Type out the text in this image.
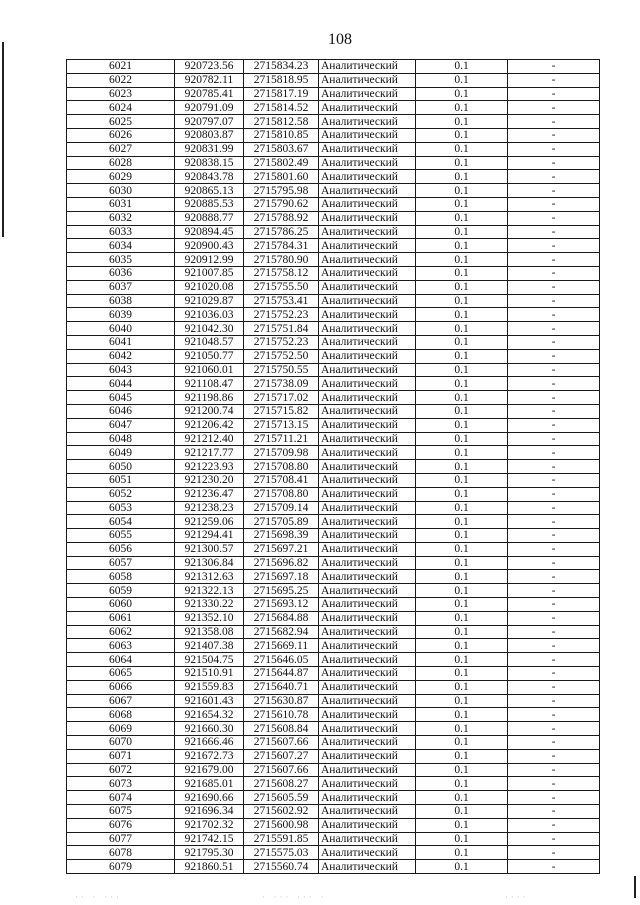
108
6021	920723.56	2715834.23	Аналитический	0.1	-
6022	920782.11	2715818.95	Аналитический	0.1	-
6023	920785.41	2715817.19	Аналитический	0.1	-
6024	920791.09	2715814.52	Аналитический	0.1	-
6025	920797.07	2715812.58	Аналитический	0.1	-
6026	920803.87	2715810.85	Аналитический	0.1	-
6027	920831.99	2715803.67	Аналитический	0.1	-
6028	920838.15	2715802.49	Аналитический	0.1	-
6029	920843.78	2715801.60	Аналитический	0.1	-
6030	920865.13	2715795.98	Аналитический	0.1	-
6031	920885.53	2715790.62	Аналитический	0.1	-
6032	920888.77	2715788.92	Аналитический	0.1	-
6033	920894.45	2715786.25	Аналитический	0.1	-
6034	920900.43	2715784.31	Аналитический	0.1	-
6035	920912.99	2715780.90	Аналитический	0.1	-
6036	921007.85	2715758.12	Аналитический	0.1	-
6037	921020.08	2715755.50	Аналитический	0.1	-
6038	921029.87	2715753.41	Аналитический	0.1	-
6039	921036.03	2715752.23	Аналитический	0.1	-
6040	921042.30	2715751.84	Аналитический	0.1	-
6041	921048.57	2715752.23	Аналитический	0.1	-
6042	921050.77	2715752.50	Аналитический	0.1	-
6043	921060.01	2715750.55	Аналитический	0.1	-
6044	921108.47	2715738.09	Аналитический	0.1	-
6045	921198.86	2715717.02	Аналитический	0.1	-
6046	921200.74	2715715.82	Аналитический	0.1	-
6047	921206.42	2715713.15	Аналитический	0.1	-
6048	921212.40	2715711.21	Аналитический	0.1	-
6049	921217.77	2715709.98	Аналитический	0.1	-
6050	921223.93	2715708.80	Аналитический	0.1	-
6051	921230.20	2715708.41	Аналитический	0.1	-
6052	921236.47	2715708.80	Аналитический	0.1	-
6053	921238.23	2715709.14	Аналитический	0.1	-
6054	921259.06	2715705.89	Аналитический	0.1	-
6055	921294.41	2715698.39	Аналитический	0.1	-
6056	921300.57	2715697.21	Аналитический	0.1	-
6057	921306.84	2715696.82	Аналитический	0.1	-
6058	921312.63	2715697.18	Аналитический	0.1	-
6059	921322.13	2715695.25	Аналитический	0.1	-
6060	921330.22	2715693.12	Аналитический	0.1	-
6061	921352.10	2715684.88	Аналитический	0.1	-
6062	921358.08	2715682.94	Аналитический	0.1	-
6063	921407.38	2715669.11	Аналитический	0.1	-
6064	921504.75	2715646.05	Аналитический	0.1	-
6065	921510.91	2715644.87	Аналитический	0.1	-
6066	921559.83	2715640.71	Аналитический	0.1	-
6067	921601.43	2715630.87	Аналитический	0.1	-
6068	921654.32	2715610.78	Аналитический	0.1	-
6069	921660.30	2715608.84	Аналитический	0.1	-
6070	921666.46	2715607.66	Аналитический	0.1	-
6071	921672.73	2715607.27	Аналитический	0.1	-
6072	921679.00	2715607.66	Аналитический	0.1	-
6073	921685.01	2715608.27	Аналитический	0.1	-
6074	921690.66	2715605.59	Аналитический	0.1	-
6075	921696.34	2715602.92	Аналитический	0.1	-
6076	921702.32	2715600.98	Аналитический	0.1	-
6077	921742.15	2715591.85	Аналитический	0.1	-
6078	921795.30	2715575.03	Аналитический	0.1	-
6079	921860.51	2715560.74	Аналитический	0.1	-
·· · ···	· ··· ··· ·	····
